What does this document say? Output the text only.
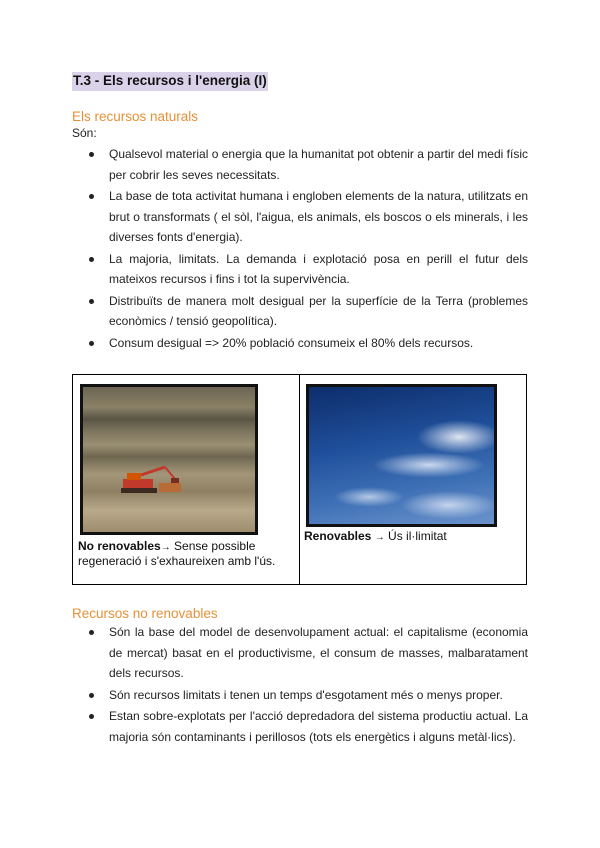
T.3 - Els recursos i l'energia (I)
Els recursos naturals
Són:
Qualsevol material o energia que la humanitat pot obtenir a partir del medi físic per cobrir les seves necessitats.
La base de tota activitat humana i engloben elements de la natura, utilitzats en brut o transformats ( el sòl, l'aigua, els animals, els boscos o els minerals, i les diverses fonts d'energia).
La majoria, limitats. La demanda i explotació posa en perill el futur dels mateixos recursos i fins i tot la supervivència.
Distribuïts de manera molt desigual per la superfície de la Terra (problemes econòmics / tensió geopolítica).
Consum desigual => 20% població consumeix el 80% dels recursos.
No renovables→ Sense possible regeneració i s'exhaureixen amb l'ús.
Renovables → Ús il·limitat
Recursos no renovables
Són la base del model de desenvolupament actual: el capitalisme (economia de mercat) basat en el productivisme, el consum de masses, malbaratament dels recursos.
Són recursos limitats i tenen un temps d'esgotament més o menys proper.
Estan sobre-explotats per l'acció depredadora del sistema productiu actual. La majoria són contaminants i perillosos (tots els energètics i alguns metàl·lics).
